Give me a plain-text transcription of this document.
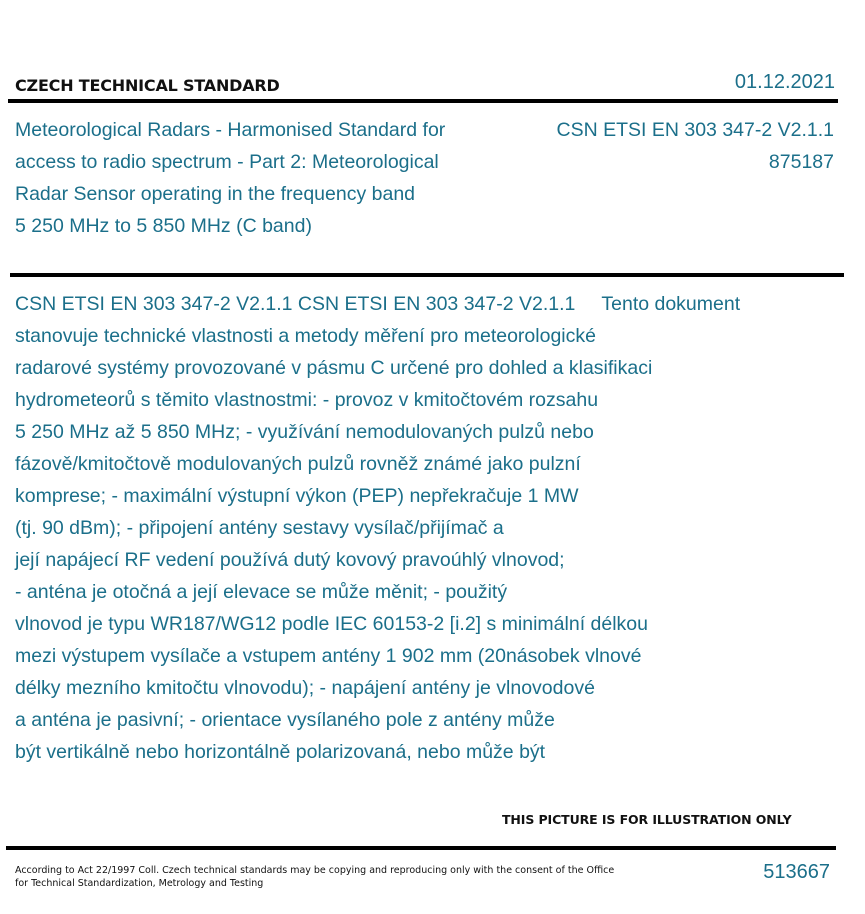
CZECH TECHNICAL STANDARD	01.12.2021
Meteorological Radars - Harmonised Standard for
access to radio spectrum - Part 2: Meteorological
Radar Sensor operating in the frequency band
5 250 MHz to 5 850 MHz (C band)
CSN ETSI EN 303 347-2 V2.1.1
875187
CSN ETSI EN 303 347-2 V2.1.1 CSN ETSI EN 303 347-2 V2.1.1 Tento dokument
stanovuje technické vlastnosti a metody měření pro meteorologické
radarové systémy provozované v pásmu C určené pro dohled a klasifikaci
hydrometeorů s těmito vlastnostmi: - provoz v kmitočtovém rozsahu
5 250 MHz až 5 850 MHz; - využívání nemodulovaných pulzů nebo
fázově/kmitočtově modulovaných pulzů rovněž známé jako pulzní
komprese; - maximální výstupní výkon (PEP) nepřekračuje 1 MW
(tj. 90 dBm); - připojení antény sestavy vysílač/přijímač a
její napájecí RF vedení používá dutý kovový pravoúhlý vlnovod;
- anténa je otočná a její elevace se může měnit; - použitý
vlnovod je typu WR187/WG12 podle IEC 60153-2 [i.2] s minimální délkou
mezi výstupem vysílače a vstupem antény 1 902 mm (20násobek vlnové
délky mezního kmitočtu vlnovodu); - napájení antény je vlnovodové
a anténa je pasivní; - orientace vysílaného pole z antény může
být vertikálně nebo horizontálně polarizovaná, nebo může být
THIS PICTURE IS FOR ILLUSTRATION ONLY
According to Act 22/1997 Coll. Czech technical standards may be copying and reproducing only with the consent of the Office
for Technical Standardization, Metrology and Testing
513667
